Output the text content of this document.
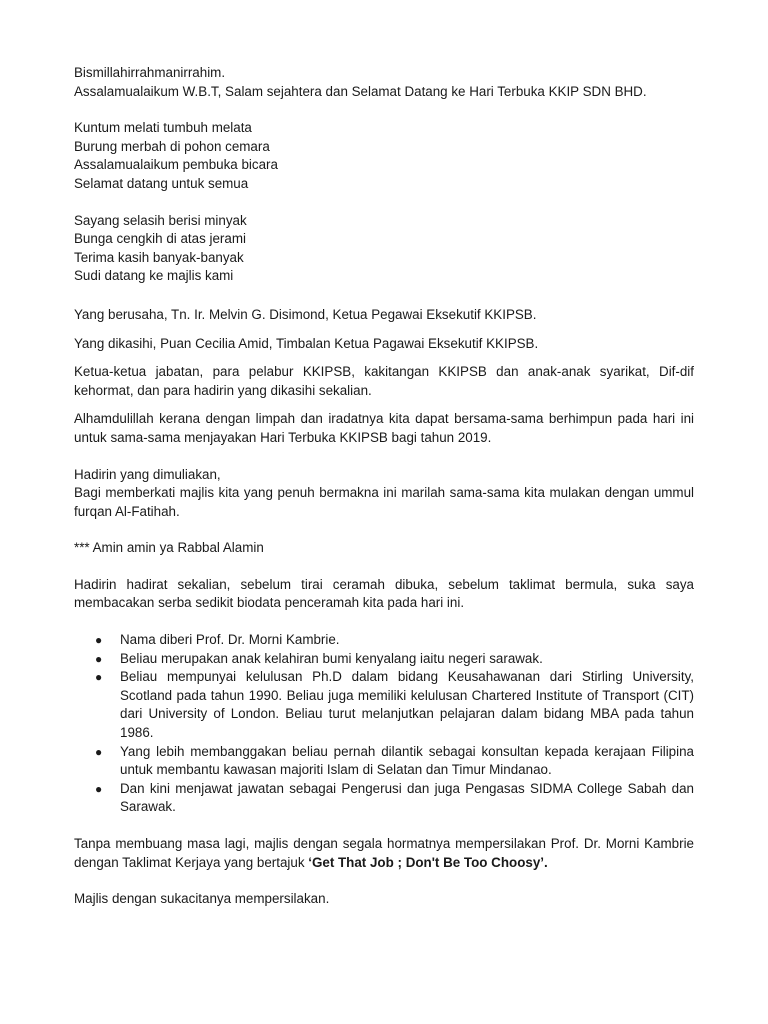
Bismillahirrahmanirrahim.

Assalamualaikum W.B.T, Salam sejahtera dan Selamat Datang ke Hari Terbuka KKIP SDN BHD.

Kuntum melati tumbuh melata

Burung merbah di pohon cemara

Assalamualaikum pembuka bicara

Selamat datang untuk semua

Sayang selasih berisi minyak

Bunga cengkih di atas jerami

Terima kasih banyak-banyak

Sudi datang ke majlis kami

Yang berusaha, Tn. Ir. Melvin G. Disimond, Ketua Pegawai Eksekutif KKIPSB.

Yang dikasihi, Puan Cecilia Amid, Timbalan Ketua Pagawai Eksekutif KKIPSB.

Ketua-ketua jabatan, para pelabur KKIPSB, kakitangan KKIPSB dan anak-anak syarikat, Dif-dif kehormat, dan para hadirin yang dikasihi sekalian.

Alhamdulillah kerana dengan limpah dan iradatnya kita dapat bersama-sama berhimpun pada hari ini untuk sama-sama menjayakan Hari Terbuka KKIPSB bagi tahun 2019.

Hadirin yang dimuliakan,

Bagi memberkati majlis kita yang penuh bermakna ini marilah sama-sama kita mulakan dengan ummul furqan Al-Fatihah.

*** Amin amin ya Rabbal Alamin

Hadirin hadirat sekalian, sebelum tirai ceramah dibuka, sebelum taklimat bermula, suka saya membacakan serba sedikit biodata penceramah kita pada hari ini.

● Nama diberi Prof. Dr. Morni Kambrie.
● Beliau merupakan anak kelahiran bumi kenyalang iaitu negeri sarawak.
● Beliau mempunyai kelulusan Ph.D dalam bidang Keusahawanan dari Stirling University, Scotland pada tahun 1990. Beliau juga memiliki kelulusan Chartered Institute of Transport (CIT) dari University of London. Beliau turut melanjutkan pelajaran dalam bidang MBA pada tahun 1986.
● Yang lebih membanggakan beliau pernah dilantik sebagai konsultan kepada kerajaan Filipina untuk membantu kawasan majoriti Islam di Selatan dan Timur Mindanao.
● Dan kini menjawat jawatan sebagai Pengerusi dan juga Pengasas SIDMA College Sabah dan Sarawak.

Tanpa membuang masa lagi, majlis dengan segala hormatnya mempersilakan Prof. Dr. Morni Kambrie dengan Taklimat Kerjaya yang bertajuk ‘Get That Job ; Don't Be Too Choosy’.

Majlis dengan sukacitanya mempersilakan.
